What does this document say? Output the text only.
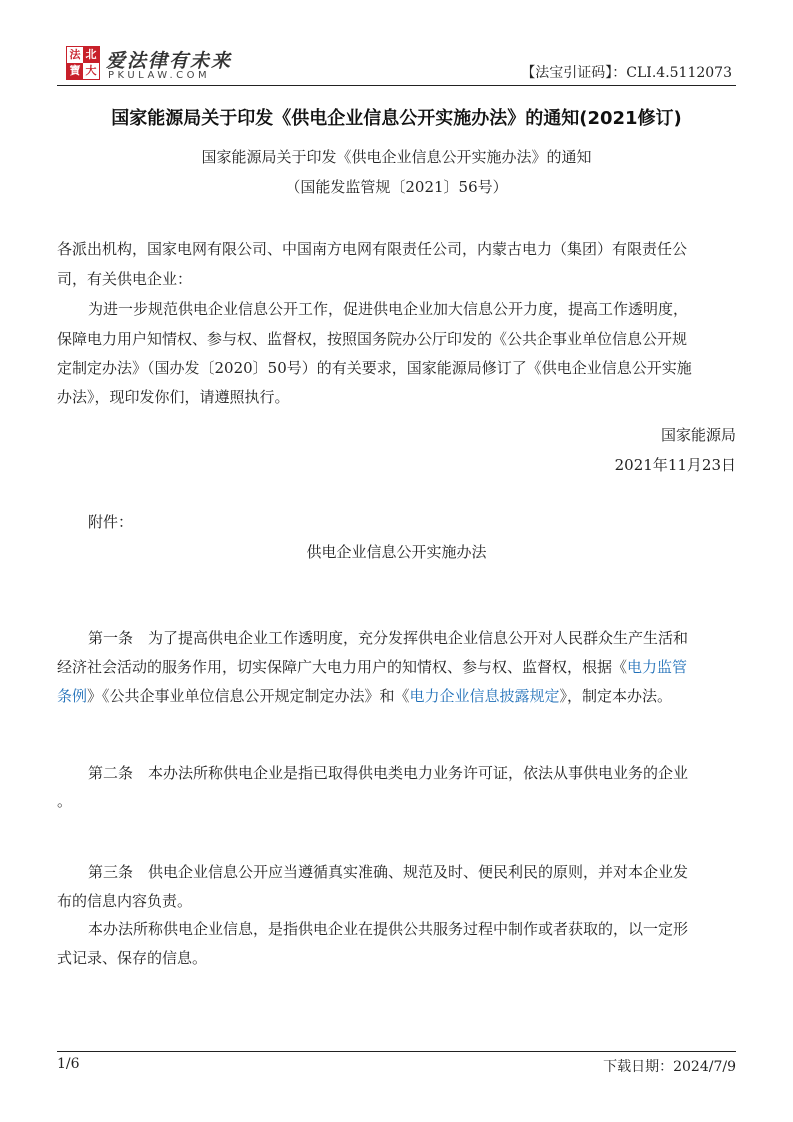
法 北
寶 大 爱法律有未来
PKULAW.COM	【法宝引证码】：CLI.4.5112073
国家能源局关于印发《供电企业信息公开实施办法》的通知(2021修订)
国家能源局关于印发《供电企业信息公开实施办法》的通知
（国能发监管规〔2021〕56号）
各派出机构，国家电网有限公司、中国南方电网有限责任公司，内蒙古电力（集团）有限责任公
司，有关供电企业：
为进一步规范供电企业信息公开工作，促进供电企业加大信息公开力度，提高工作透明度，
保障电力用户知情权、参与权、监督权，按照国务院办公厅印发的《公共企事业单位信息公开规
定制定办法》（国办发〔2020〕50号）的有关要求，国家能源局修订了《供电企业信息公开实施
办法》，现印发你们，请遵照执行。
国家能源局
2021年11月23日
附件：
供电企业信息公开实施办法
第一条　为了提高供电企业工作透明度，充分发挥供电企业信息公开对人民群众生产生活和
经济社会活动的服务作用，切实保障广大电力用户的知情权、参与权、监督权，根据《电力监管
条例》《公共企事业单位信息公开规定制定办法》和《电力企业信息披露规定》，制定本办法。
第二条　本办法所称供电企业是指已取得供电类电力业务许可证，依法从事供电业务的企业
。
第三条　供电企业信息公开应当遵循真实准确、规范及时、便民利民的原则，并对本企业发
布的信息内容负责。
本办法所称供电企业信息，是指供电企业在提供公共服务过程中制作或者获取的，以一定形
式记录、保存的信息。
1/6	下载日期：2024/7/9
